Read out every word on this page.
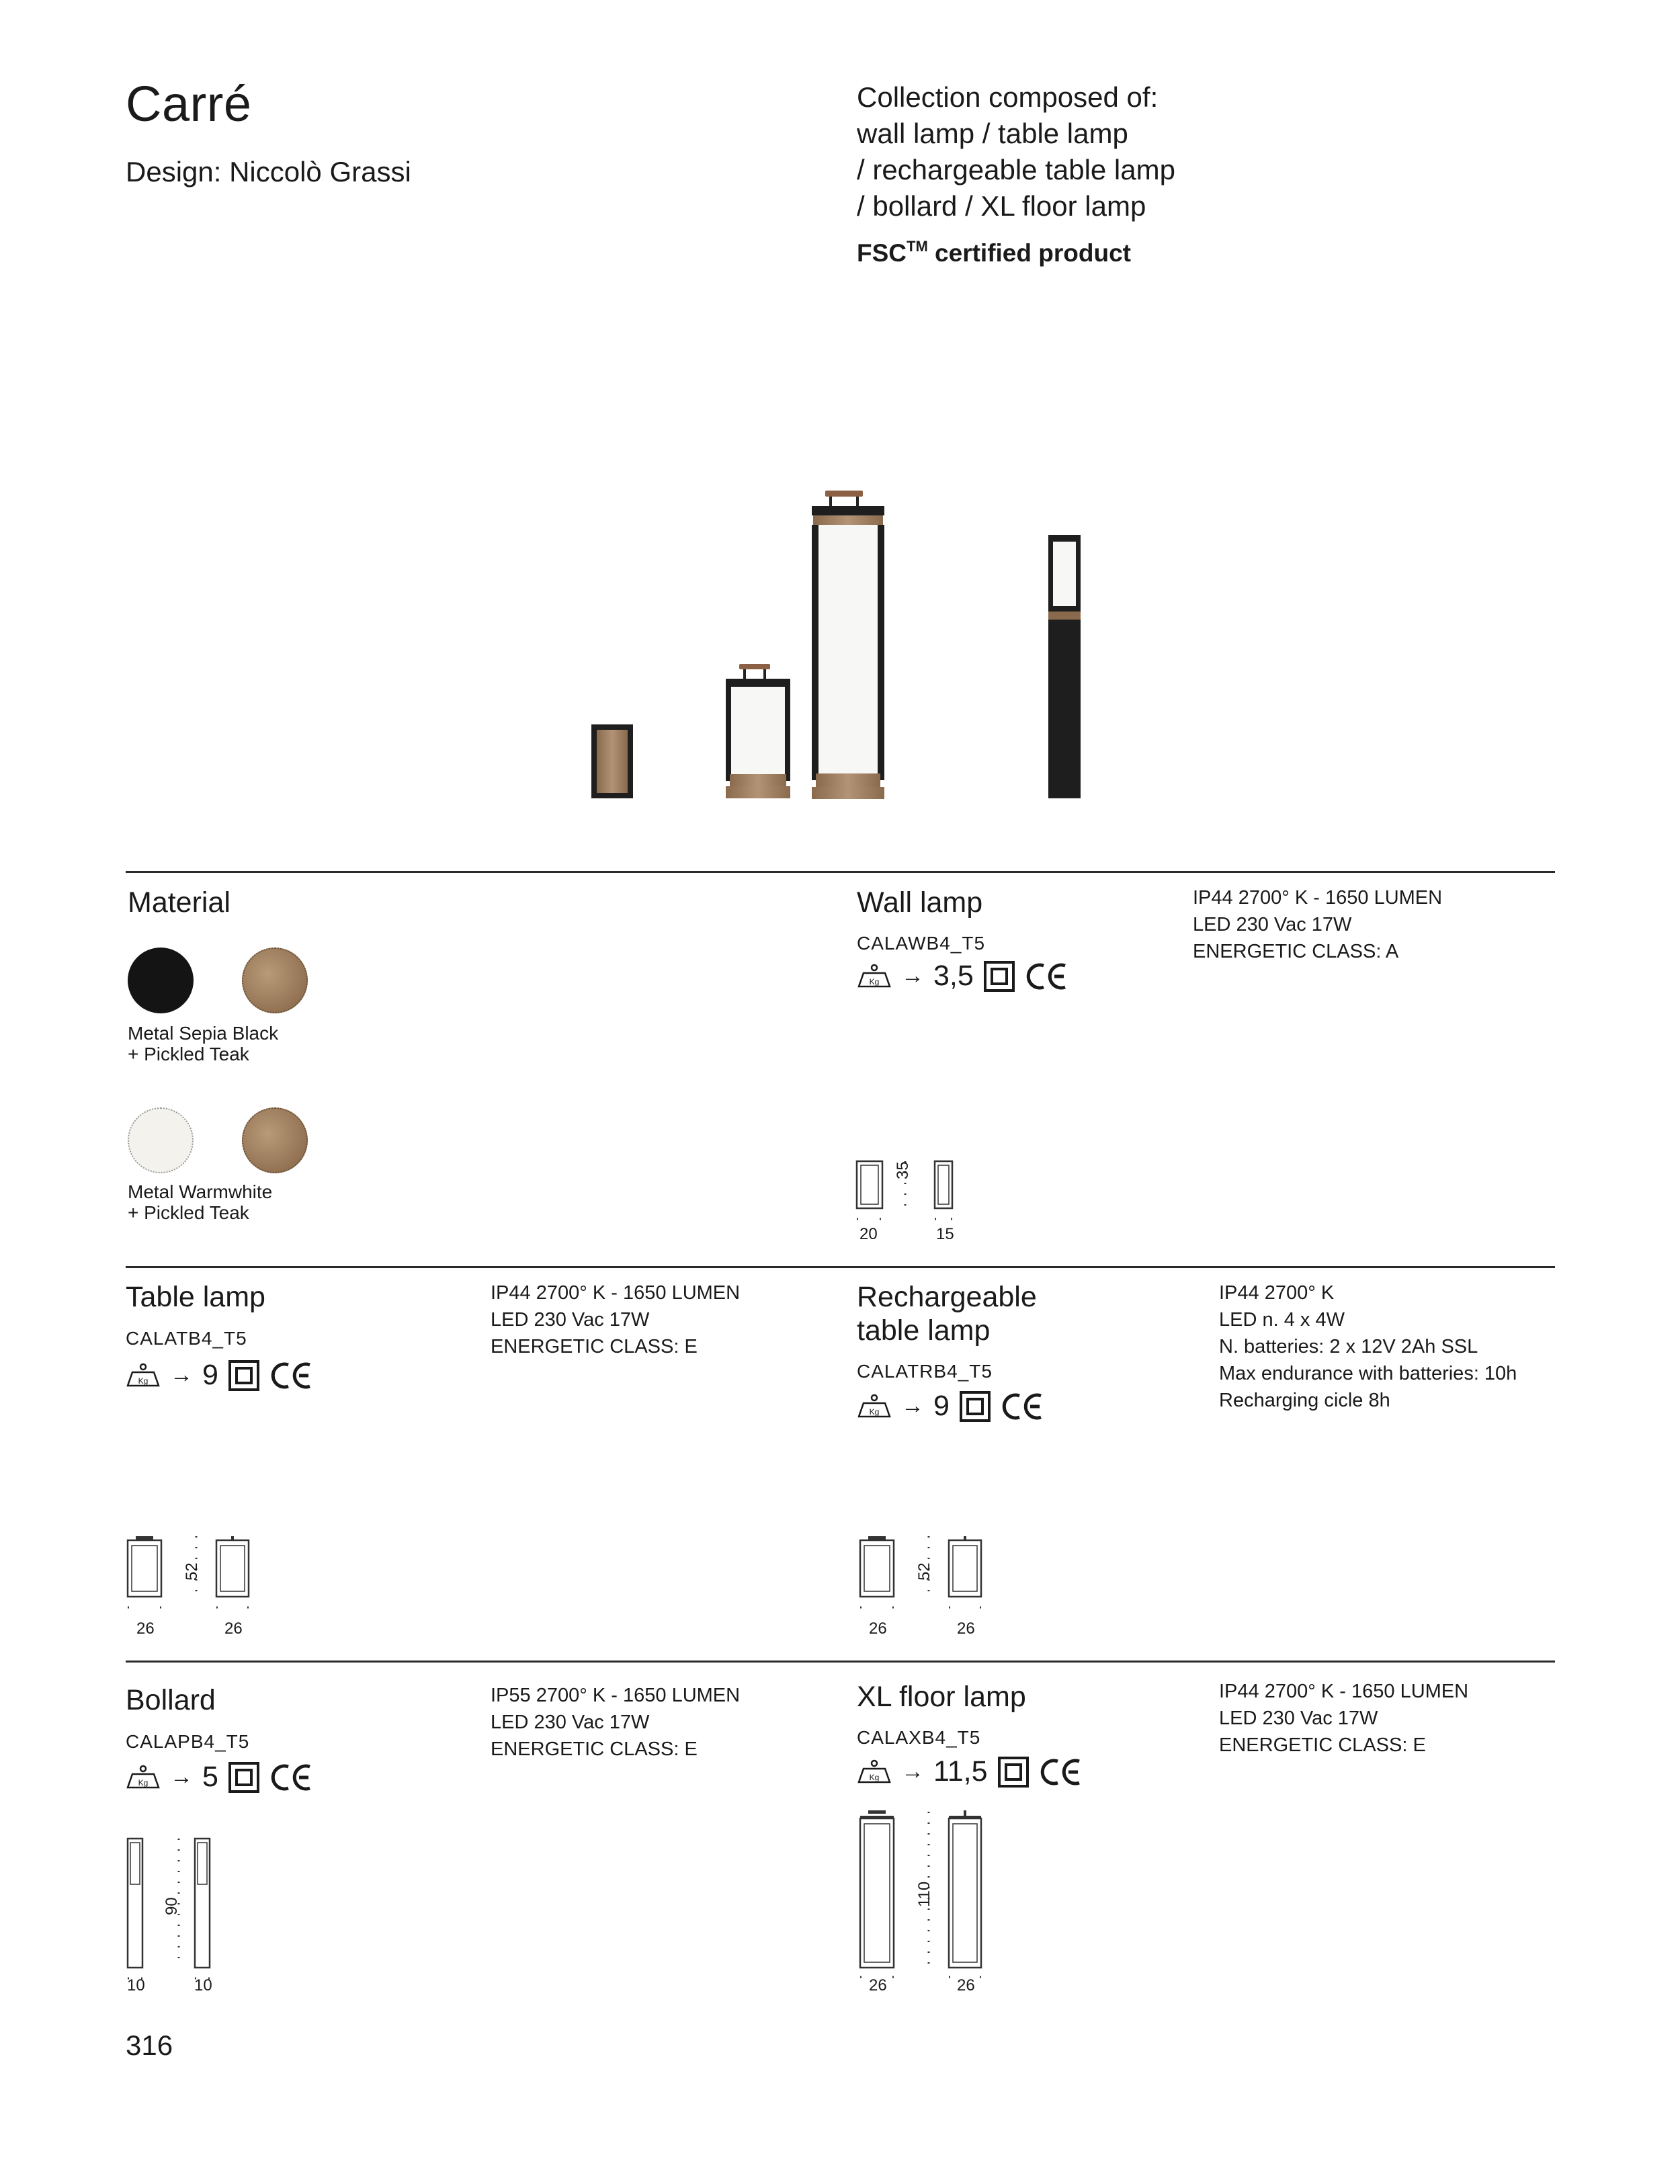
Carré
Design: Niccolò Grassi
Collection composed of:
wall lamp / table lamp
/ rechargeable table lamp
/ bollard / XL floor lamp
FSC™ certified product
Material
Metal Sepia Black
+ Pickled Teak
Metal Warmwhite
+ Pickled Teak
Wall lamp
CALAWB4_T5
Kg → 3,5
IP44 2700° K - 1650 LUMEN
LED 230 Vac 17W
ENERGETIC CLASS: A
35
20	15
Table lamp
CALATB4_T5
Kg → 9
IP44 2700° K - 1650 LUMEN
LED 230 Vac 17W
ENERGETIC CLASS: E
52
26	26
Rechargeable
table lamp
CALATRB4_T5
Kg → 9
IP44 2700° K
LED n. 4 x 4W
N. batteries: 2 x 12V 2Ah SSL
Max endurance with batteries: 10h
Recharging cicle 8h
52
26	26
Bollard
CALAPB4_T5
Kg → 5
IP55 2700° K - 1650 LUMEN
LED 230 Vac 17W
ENERGETIC CLASS: E
90
10	10
XL floor lamp
CALAXB4_T5
Kg → 11,5
IP44 2700° K - 1650 LUMEN
LED 230 Vac 17W
ENERGETIC CLASS: E
110
26	26
316
